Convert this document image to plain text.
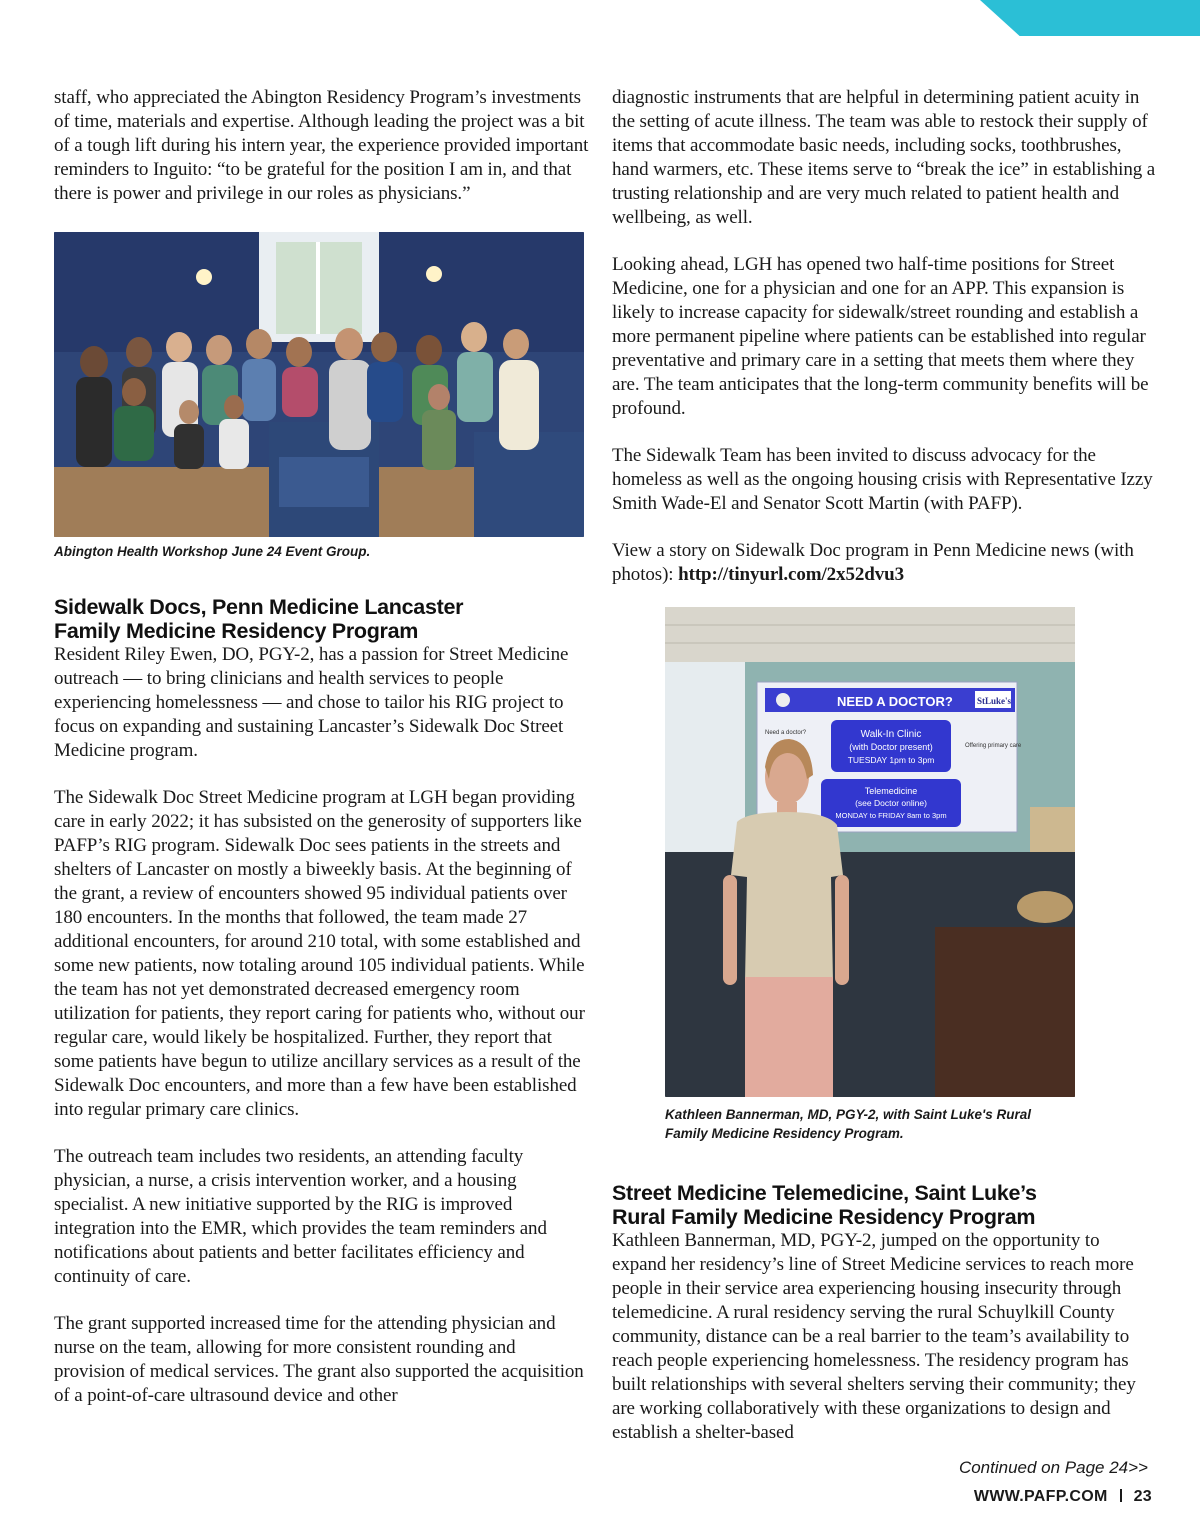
staff, who appreciated the Abington Residency Program’s investments of time, materials and expertise. Although leading the project was a bit of a tough lift during his intern year, the experience provided important reminders to Inguito: “to be grateful for the position I am in, and that there is power and privilege in our roles as physicians.”

Abington Health Workshop June 24 Event Group.
Sidewalk Docs, Penn Medicine Lancaster
Family Medicine Residency Program

Resident Riley Ewen, DO, PGY-2, has a passion for Street Medicine outreach — to bring clinicians and health services to people experiencing homelessness — and chose to tailor his RIG project to focus on expanding and sustaining Lancaster’s Sidewalk Doc Street Medicine program.

The Sidewalk Doc Street Medicine program at LGH began providing care in early 2022; it has subsisted on the generosity of supporters like PAFP’s RIG program. Sidewalk Doc sees patients in the streets and shelters of Lancaster on mostly a biweekly basis. At the beginning of the grant, a review of encounters showed 95 individual patients over 180 encounters. In the months that followed, the team made 27 additional encounters, for around 210 total, with some established and some new patients, now totaling around 105 individual patients. While the team has not yet demonstrated decreased emergency room utilization for patients, they report caring for patients who, without our regular care, would likely be hospitalized. Further, they report that some patients have begun to utilize ancillary services as a result of the Sidewalk Doc encounters, and more than a few have been established into regular primary care clinics.

The outreach team includes two residents, an attending faculty physician, a nurse, a crisis intervention worker, and a housing specialist. A new initiative supported by the RIG is improved integration into the EMR, which provides the team reminders and notifications about patients and better facilitates efficiency and continuity of care.

The grant supported increased time for the attending physician and nurse on the team, allowing for more consistent rounding and provision of medical services. The grant also supported the acquisition of a point-of-care ultrasound device and other

diagnostic instruments that are helpful in determining patient acuity in the setting of acute illness. The team was able to restock their supply of items that accommodate basic needs, including socks, toothbrushes, hand warmers, etc. These items serve to “break the ice” in establishing a trusting relationship and are very much related to patient health and wellbeing, as well.

Looking ahead, LGH has opened two half-time positions for Street Medicine, one for a physician and one for an APP. This expansion is likely to increase capacity for sidewalk/street rounding and establish a more permanent pipeline where patients can be established into regular preventative and primary care in a setting that meets them where they are. The team anticipates that the long-term community benefits will be profound.

The Sidewalk Team has been invited to discuss advocacy for the homeless as well as the ongoing housing crisis with Representative Izzy Smith Wade-El and Senator Scott Martin (with PAFP).

View a story on Sidewalk Doc program in Penn Medicine news (with photos): http://tinyurl.com/2x52dvu3

NEED A DOCTOR?	StLuke's
Need a doctor?
Offering primary care
Walk-In Clinic
(with Doctor present)
TUESDAY 1pm to 3pm
Telemedicine
(see Doctor online)
MONDAY to FRIDAY 8am to 3pm
Kathleen Bannerman, MD, PGY-2, with Saint Luke's Rural
Family Medicine Residency Program.
Street Medicine Telemedicine, Saint Luke’s
Rural Family Medicine Residency Program

Kathleen Bannerman, MD, PGY-2, jumped on the opportunity to expand her residency’s line of Street Medicine services to reach more people in their service area experiencing housing insecurity through telemedicine. A rural residency serving the rural Schuylkill County community, distance can be a real barrier to the team’s availability to reach people experiencing homelessness. The residency program has built relationships with several shelters serving their community; they are working collaboratively with these organizations to design and establish a shelter-based

Continued on Page 24>>
WWW.PAFP.COM 23
